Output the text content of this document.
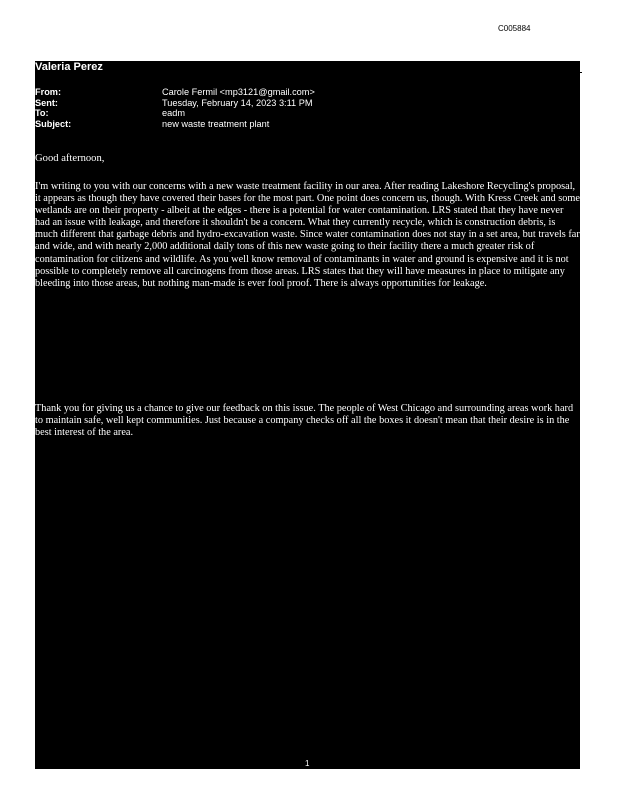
C005884
Valeria Perez
From:	Carole Fermil <mp3121@gmail.com>
Sent:	Tuesday, February 14, 2023 3:11 PM
To:	eadm
Subject:	new waste treatment plant
Good afternoon,

I'm writing to you with our concerns with a new waste treatment facility in our area. After reading Lakeshore Recycling's proposal, it appears as though they have covered their bases for the most part. One point does concern us, though. With Kress Creek and some wetlands are on their property - albeit at the edges - there is a potential for water contamination. LRS stated that they have never had an issue with leakage, and therefore it shouldn't be a concern. What they currently recycle, which is construction debris, is much different that garbage debris and hydro-excavation waste. Since water contamination does not stay in a set area, but travels far and wide, and with nearly 2,000 additional daily tons of this new waste going to their facility there a much greater risk of contamination for citizens and wildlife. As you well know removal of contaminants in water and ground is expensive and it is not possible to completely remove all carcinogens from those areas. LRS states that they will have measures in place to mitigate any bleeding into those areas, but nothing man-made is ever fool proof. There is always opportunities for leakage.

Thank you for giving us a chance to give our feedback on this issue. The people of West Chicago and surrounding areas work hard to maintain safe, well kept communities. Just because a company checks off all the boxes it doesn't mean that their desire is in the best interest of the area.

1
